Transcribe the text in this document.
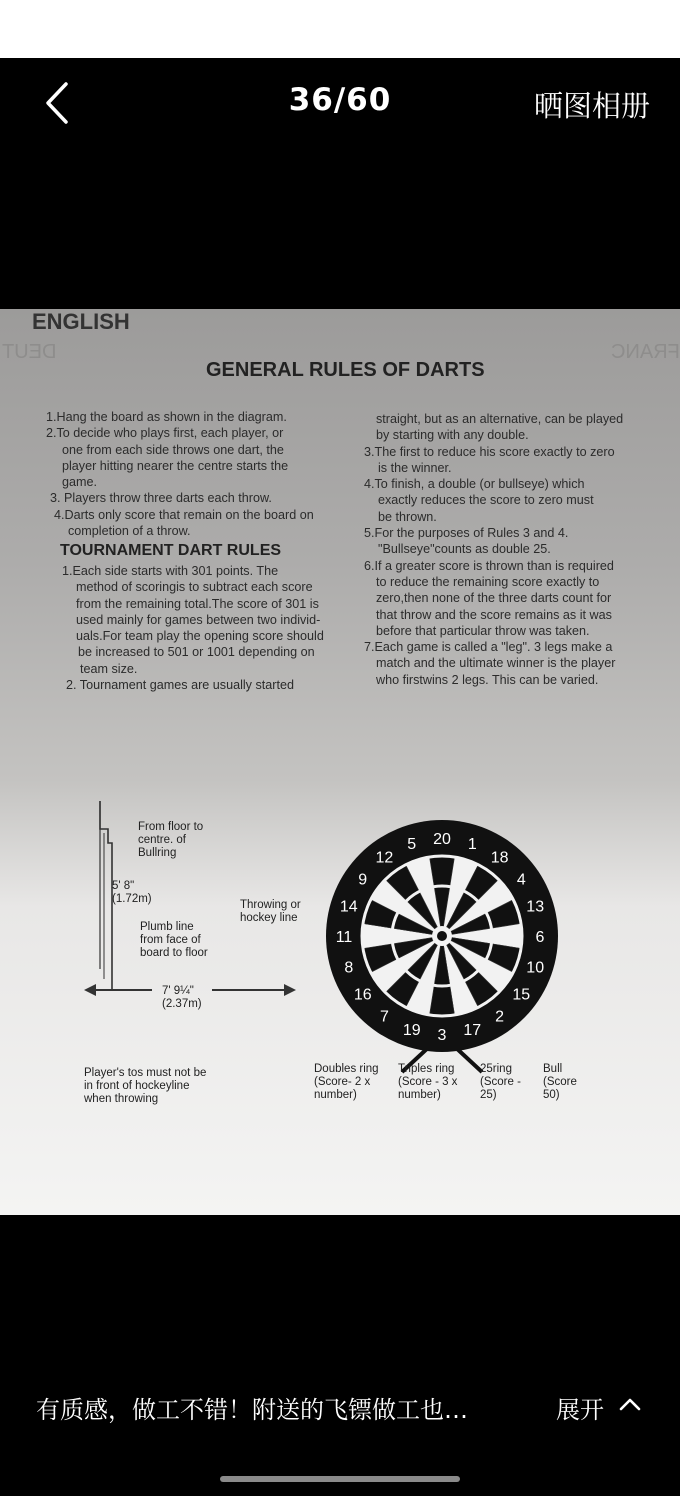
36/60	晒图相册
ENGLISH
DEUT	FRANC
GENERAL RULES OF DARTS
1.Hang the board as shown in the diagram.
2.To decide who plays first, each player, or
one from each side throws one dart, the
player hitting nearer the centre starts the
game.
3. Players throw three darts each throw.
4.Darts only score that remain on the board on
completion of a throw.
TOURNAMENT DART RULES
1.Each side starts with 301 points. The
method of scoringis to subtract each score
from the remaining total.The score of 301 is
used mainly for games between two individ-
uals.For team play the opening score should
be increased to 501 or 1001 depending on
team size.
2. Tournament games are usually started
straight, but as an alternative, can be played
by starting with any double.
3.The first to reduce his score exactly to zero
is the winner.
4.To finish, a double (or bullseye) which
exactly reduces the score to zero must
be thrown.
5.For the purposes of Rules 3 and 4.
"Bullseye"counts as double 25.
6.If a greater score is thrown than is required
to reduce the remaining score exactly to
zero,then none of the three darts count for
that throw and the score remains as it was
before that particular throw was taken.
7.Each game is called a "leg". 3 legs make a
match and the ultimate winner is the player
who firstwins 2 legs. This can be varied.
From floor to centre. of Bullring
5' 8" (1.72m)
Plumb line from face of board to floor
Throwing or hockey line
7' 9¼" (2.37m)
Player's tos must not be in front of hockeyline when throwing
20 1
18
4
13
6
10
15
2
17
3
19
7
16
8
11
14
9
12
5
Doubles ring (Score- 2 x number)
Triples ring (Score - 3 x number)
25ring (Score - 25)
Bull (Score 50)
有质感，做工不错！附送的飞镖做工也…	展开
